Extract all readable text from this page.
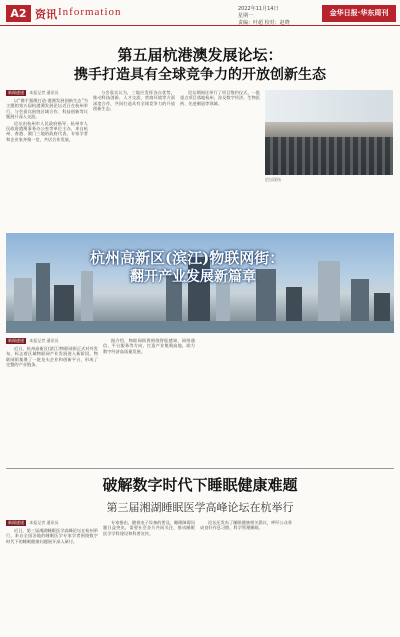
A2 资讯 Information	2022年11月14日
星期一
责编：叶超 校对：赵晓
金华日报·华东周刊
第五届杭港澳发展论坛：
携手打造具有全球竞争力的开放创新生态
新闻速递 本报记者 通讯员

以“携手强澳打造·港澳发展创新生态”为主题的第五届杭港澳发展论坛近日在杭州举行，与会嘉宾围绕区域合作、科技创新等议题展开深入交流。

论坛由杭州市人民政府指导，杭州市人民政府港澳事务办公室等单位主办，来自杭州、香港、澳门三地的政府代表、专家学者和企业家齐聚一堂，共话合作发展。

与会嘉宾认为，三地应发挥各自优势，推动科技创新、人才交流、营商环境等方面深度合作，共同打造具有全球竞争力的开放创新生态。

论坛期间还举行了项目签约仪式，一批重点项目落地杭州，涉及数字经济、生物医药、先进制造等领域。

论坛现场
杭州高新区(滨江)物联网街：
翻开产业发展新篇章
新闻速递 本报记者 通讯员

近日，杭州高新区(滨江)物联网街正式对外发布，标志着区域物联网产业发展进入新阶段。物联网街集聚了一批龙头企业和创新平台，形成了完整的产业链条。

据介绍，物联网街将围绕智能感知、网络通信、平台服务等方向，打造产业集聚高地，助力数字经济高质量发展。

破解数字时代下睡眠健康难题
第三届湘湖睡眠医学高峰论坛在杭举行
新闻速递 本报记者 通讯员

近日，第三届湘湖睡眠医学高峰论坛在杭州举行，来自全国各地的睡眠医学专家学者围绕数字时代下的睡眠健康问题展开深入研讨。

专家指出，随着电子设备的普及，睡眠障碍问题日益突出，需要社会各方共同关注，推动睡眠医学学科建设和科普宣传。

论坛还发布了睡眠健康相关倡议，呼吁公众养成良好作息习惯，科学管理睡眠。
